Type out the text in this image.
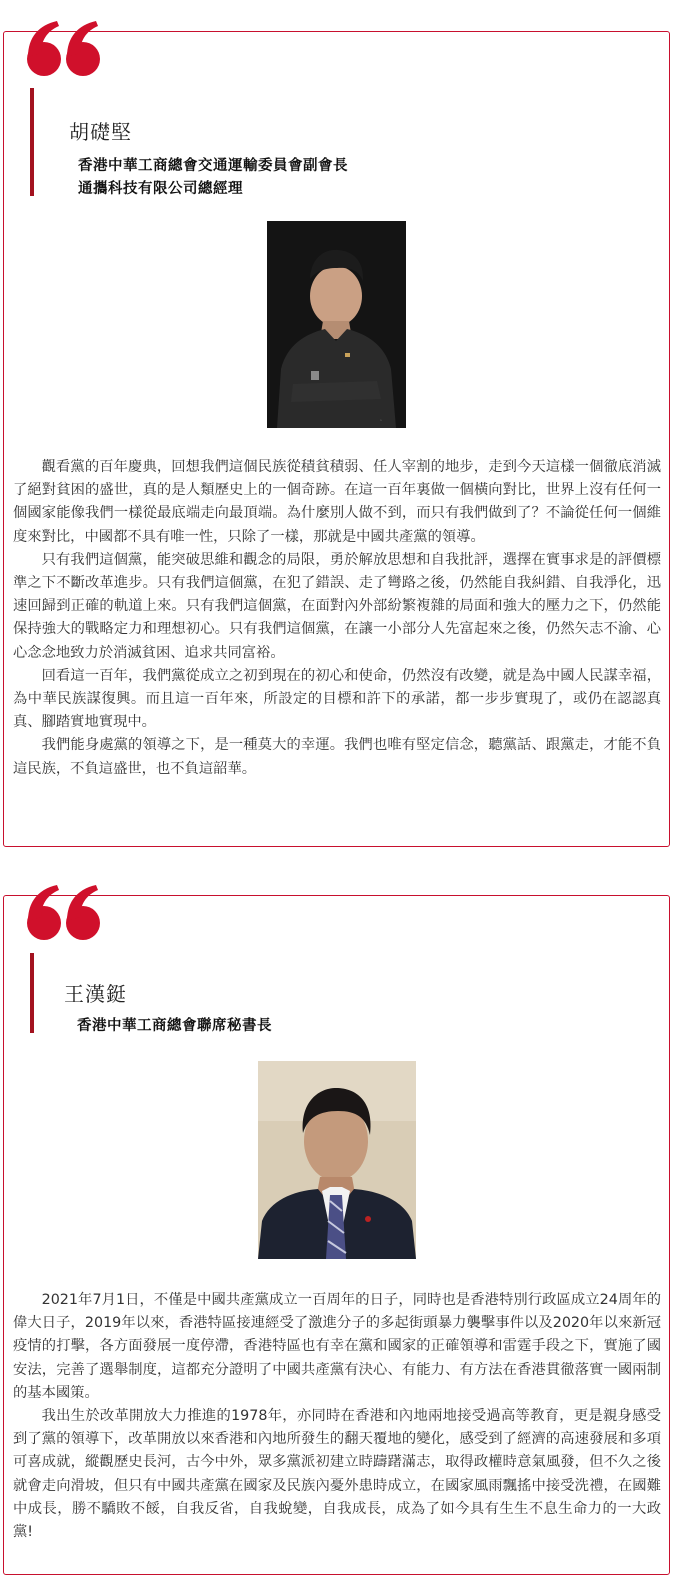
胡礎堅
香港中華工商總會交通運輸委員會副會長
通攜科技有限公司總經理
◔

觀看黨的百年慶典，回想我們這個民族從積貧積弱、任人宰割的地步，走到今天這樣一個徹底消滅了絕對貧困的盛世，真的是人類歷史上的一個奇跡。在這一百年裏做一個橫向對比，世界上沒有任何一個國家能像我們一樣從最底端走向最頂端。為什麼別人做不到，而只有我們做到了？不論從任何一個維度來對比，中國都不具有唯一性，只除了一樣，那就是中國共產黨的領導。

只有我們這個黨，能突破思維和觀念的局限，勇於解放思想和自我批評，選擇在實事求是的評價標準之下不斷改革進步。只有我們這個黨，在犯了錯誤、走了彎路之後，仍然能自我糾錯、自我淨化，迅速回歸到正確的軌道上來。只有我們這個黨，在面對內外部紛繁複雜的局面和強大的壓力之下，仍然能保持強大的戰略定力和理想初心。只有我們這個黨，在讓一小部分人先富起來之後，仍然矢志不渝、心心念念地致力於消滅貧困、追求共同富裕。

回看這一百年，我們黨從成立之初到現在的初心和使命，仍然沒有改變，就是為中國人民謀幸福，為中華民族謀復興。而且這一百年來，所設定的目標和許下的承諾，都一步步實現了，或仍在認認真真、腳踏實地實現中。

我們能身處黨的領導之下，是一種莫大的幸運。我們也唯有堅定信念，聽黨話、跟黨走，才能不負這民族，不負這盛世，也不負這韶華。

王漢鋌
香港中華工商總會聯席秘書長

2021年7月1日，不僅是中國共產黨成立一百周年的日子，同時也是香港特別行政區成立24周年的偉大日子，2019年以來，香港特區接連經受了激進分子的多起街頭暴力襲擊事件以及2020年以來新冠疫情的打擊，各方面發展一度停滯，香港特區也有幸在黨和國家的正確領導和雷霆手段之下，實施了國安法，完善了選舉制度，這都充分證明了中國共產黨有決心、有能力、有方法在香港貫徹落實一國兩制的基本國策。

我出生於改革開放大力推進的1978年，亦同時在香港和內地兩地接受過高等教育，更是親身感受到了黨的領導下，改革開放以來香港和內地所發生的翻天覆地的變化，感受到了經濟的高速發展和多項可喜成就，縱觀歷史長河，古今中外，眾多黨派初建立時躊躇滿志，取得政權時意氣風發，但不久之後就會走向滑坡，但只有中國共產黨在國家及民族內憂外患時成立，在國家風雨飄搖中接受洗禮，在國難中成長，勝不驕敗不餒，自我反省，自我蛻變，自我成長，成為了如今具有生生不息生命力的一大政黨!
